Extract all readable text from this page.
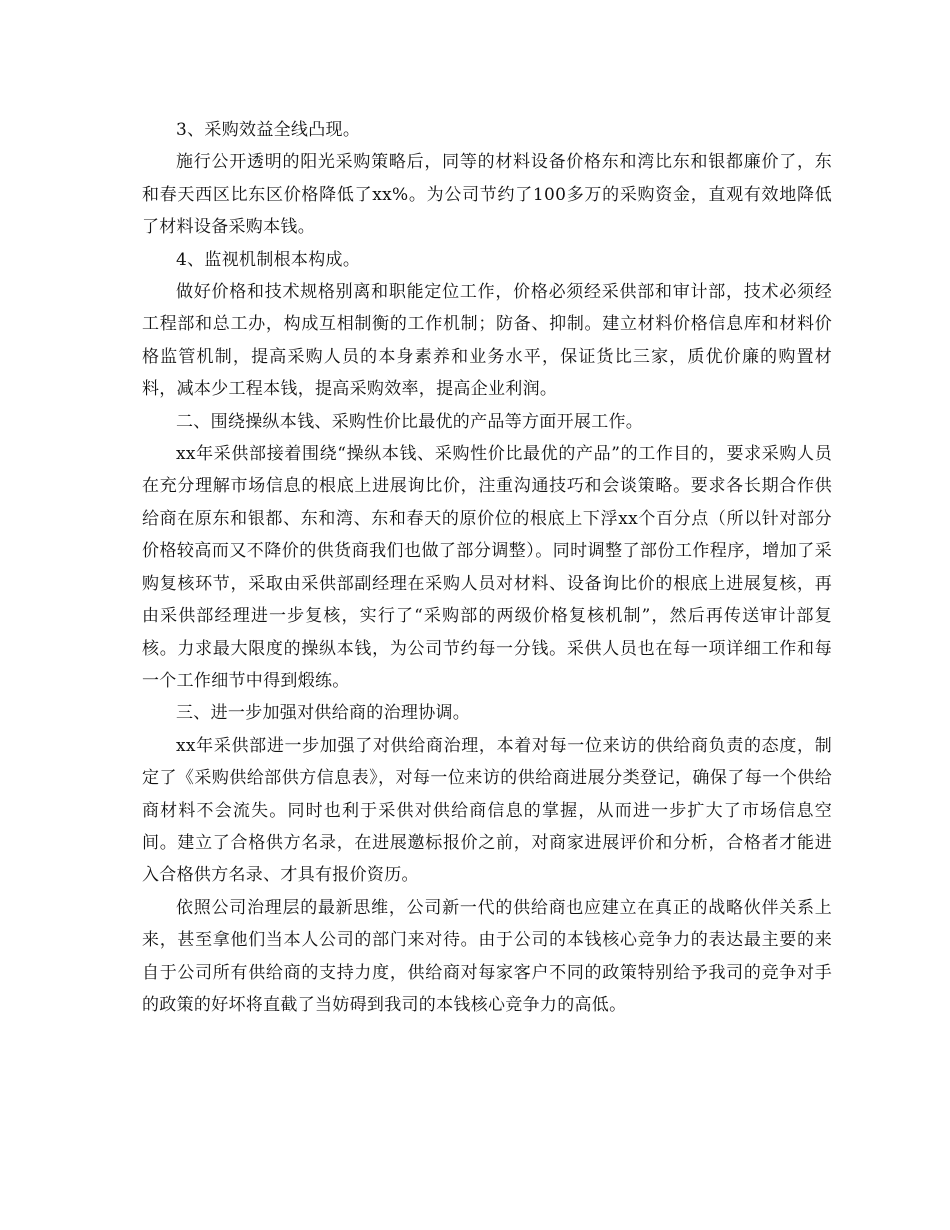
3、采购效益全线凸现。

施行公开透明的阳光采购策略后，同等的材料设备价格东和湾比东和银都廉价了，东和春天西区比东区价格降低了xx%。为公司节约了100多万的采购资金，直观有效地降低了材料设备采购本钱。

4、监视机制根本构成。

做好价格和技术规格别离和职能定位工作，价格必须经采供部和审计部，技术必须经工程部和总工办，构成互相制衡的工作机制；防备、抑制。建立材料价格信息库和材料价格监管机制，提高采购人员的本身素养和业务水平，保证货比三家，质优价廉的购置材料，减本少工程本钱，提高采购效率，提高企业利润。

二、围绕操纵本钱、采购性价比最优的产品等方面开展工作。

xx年采供部接着围绕“操纵本钱、采购性价比最优的产品”的工作目的，要求采购人员在充分理解市场信息的根底上进展询比价，注重沟通技巧和会谈策略。要求各长期合作供给商在原东和银都、东和湾、东和春天的原价位的根底上下浮xx个百分点（所以针对部分价格较高而又不降价的供货商我们也做了部分调整）。同时调整了部份工作程序，增加了采购复核环节，采取由采供部副经理在采购人员对材料、设备询比价的根底上进展复核，再由采供部经理进一步复核，实行了“采购部的两级价格复核机制”，然后再传送审计部复核。力求最大限度的操纵本钱，为公司节约每一分钱。采供人员也在每一项详细工作和每一个工作细节中得到煅练。

三、进一步加强对供给商的治理协调。

xx年采供部进一步加强了对供给商治理，本着对每一位来访的供给商负责的态度，制定了《采购供给部供方信息表》，对每一位来访的供给商进展分类登记，确保了每一个供给商材料不会流失。同时也利于采供对供给商信息的掌握，从而进一步扩大了市场信息空间。建立了合格供方名录，在进展邀标报价之前，对商家进展评价和分析，合格者才能进入合格供方名录、才具有报价资历。

依照公司治理层的最新思维，公司新一代的供给商也应建立在真正的战略伙伴关系上来，甚至拿他们当本人公司的部门来对待。由于公司的本钱核心竞争力的表达最主要的来自于公司所有供给商的支持力度，供给商对每家客户不同的政策特别给予我司的竞争对手的政策的好坏将直截了当妨碍到我司的本钱核心竞争力的高低。
